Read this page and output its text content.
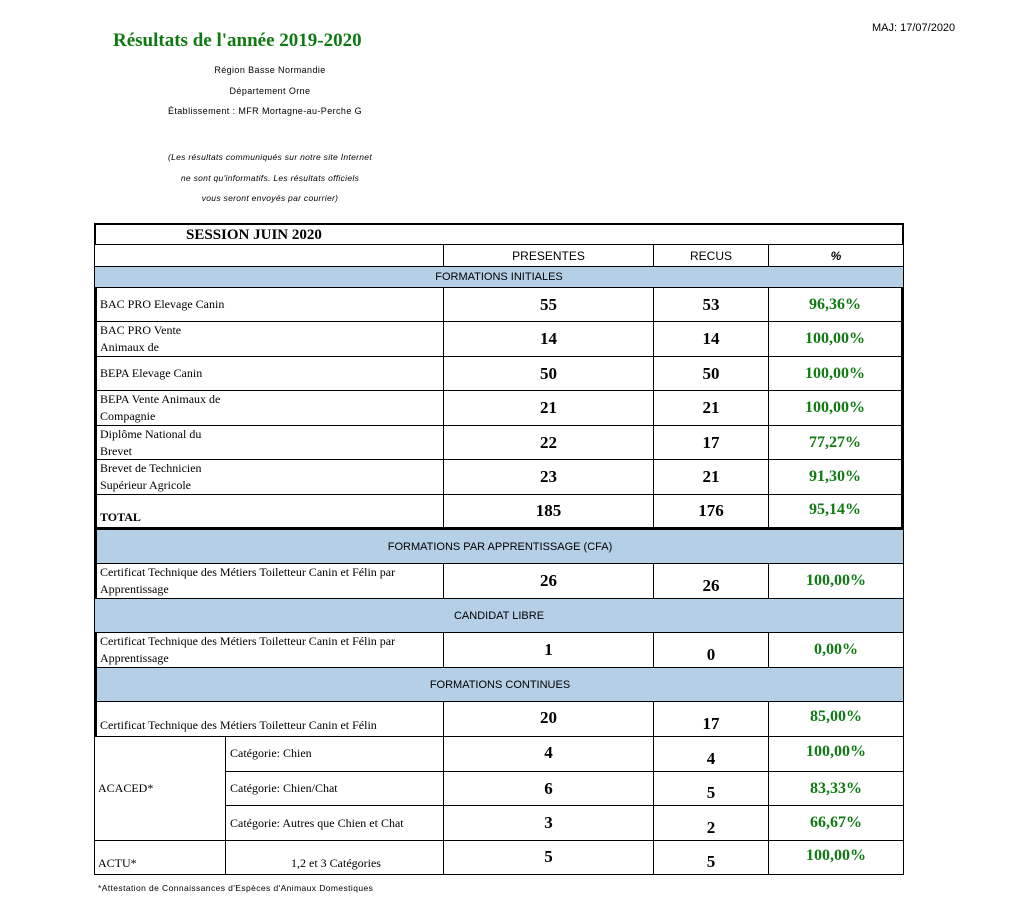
MAJ: 17/07/2020
Résultats de l'année 2019-2020
Région Basse Normandie
Département Orne
Établissement : MFR Mortagne-au-Perche G
(Les résultats communiqués sur notre site Internet
ne sont qu'informatifs. Les résultats officiels
vous seront envoyés par courrier)
SESSION JUIN 2020
PRESENTES	RECUS	%
FORMATIONS INITIALES
BAC PRO Elevage Canin	55	53	96,36%
BAC PRO Vente Animaux de	14	14	100,00%
BEPA Elevage Canin	50	50	100,00%
BEPA Vente Animaux de Compagnie	21	21	100,00%
Diplôme National du Brevet	22	17	77,27%
Brevet de Technicien Supérieur Agricole	23	21	91,30%
TOTAL	185	176	95,14%
FORMATIONS PAR APPRENTISSAGE (CFA)
Certificat Technique des Métiers Toiletteur Canin et Félin par Apprentissage	26	26	100,00%
CANDIDAT LIBRE
Certificat Technique des Métiers Toiletteur Canin et Félin par Apprentissage	1	0	0,00%
FORMATIONS CONTINUES
Certificat Technique des Métiers Toiletteur Canin et Félin	20	17	85,00%
ACACED*
Catégorie: Chien	4	4	100,00%
Catégorie: Chien/Chat	6	5	83,33%
Catégorie: Autres que Chien et Chat	3	2	66,67%
ACTU*	1,2 et 3 Catégories	5	5	100,00%
*Attestation de Connaissances d'Espèces d'Animaux Domestiques
